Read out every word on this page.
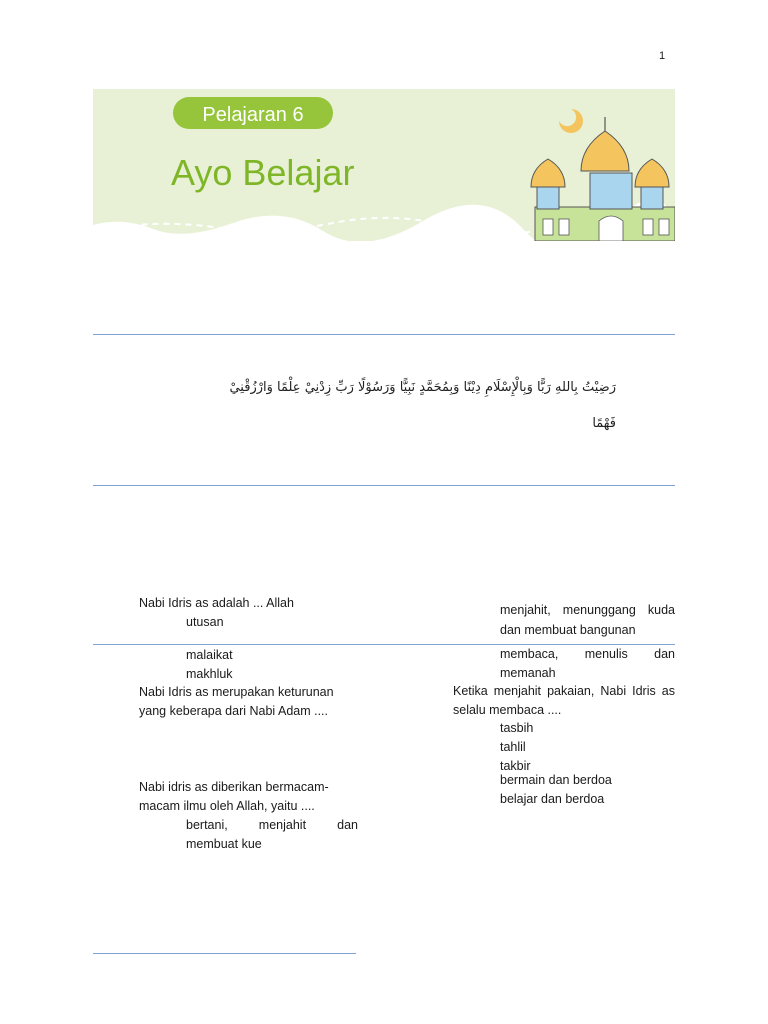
1
Pelajaran 6
Ayo Belajar
رَضِيْتُ بِاللهِ رَبًّا وَبِالْإِسْلَامِ دِيْنًا وَبِمُحَمَّدٍ نَبِيًّا وَرَسُوْلًا رَبِّ زِدْنِيْ عِلْمًا وَارْزُقْنِيْ
فَهْمًا
Nabi Idris as adalah ... Allah
utusan
malaikat
makhluk
Nabi Idris as merupakan keturunan
yang keberapa dari Nabi Adam ....
Nabi idris as diberikan bermacam-
macam ilmu oleh Allah, yaitu ....
bertani, menjahit dan
membuat kue
menjahit, menunggang kuda
dan membuat bangunan
membaca, menulis dan
memanah
Ketika menjahit pakaian, Nabi Idris as
selalu membaca ....
tasbih
tahlil
takbir
bermain dan berdoa
belajar dan berdoa
